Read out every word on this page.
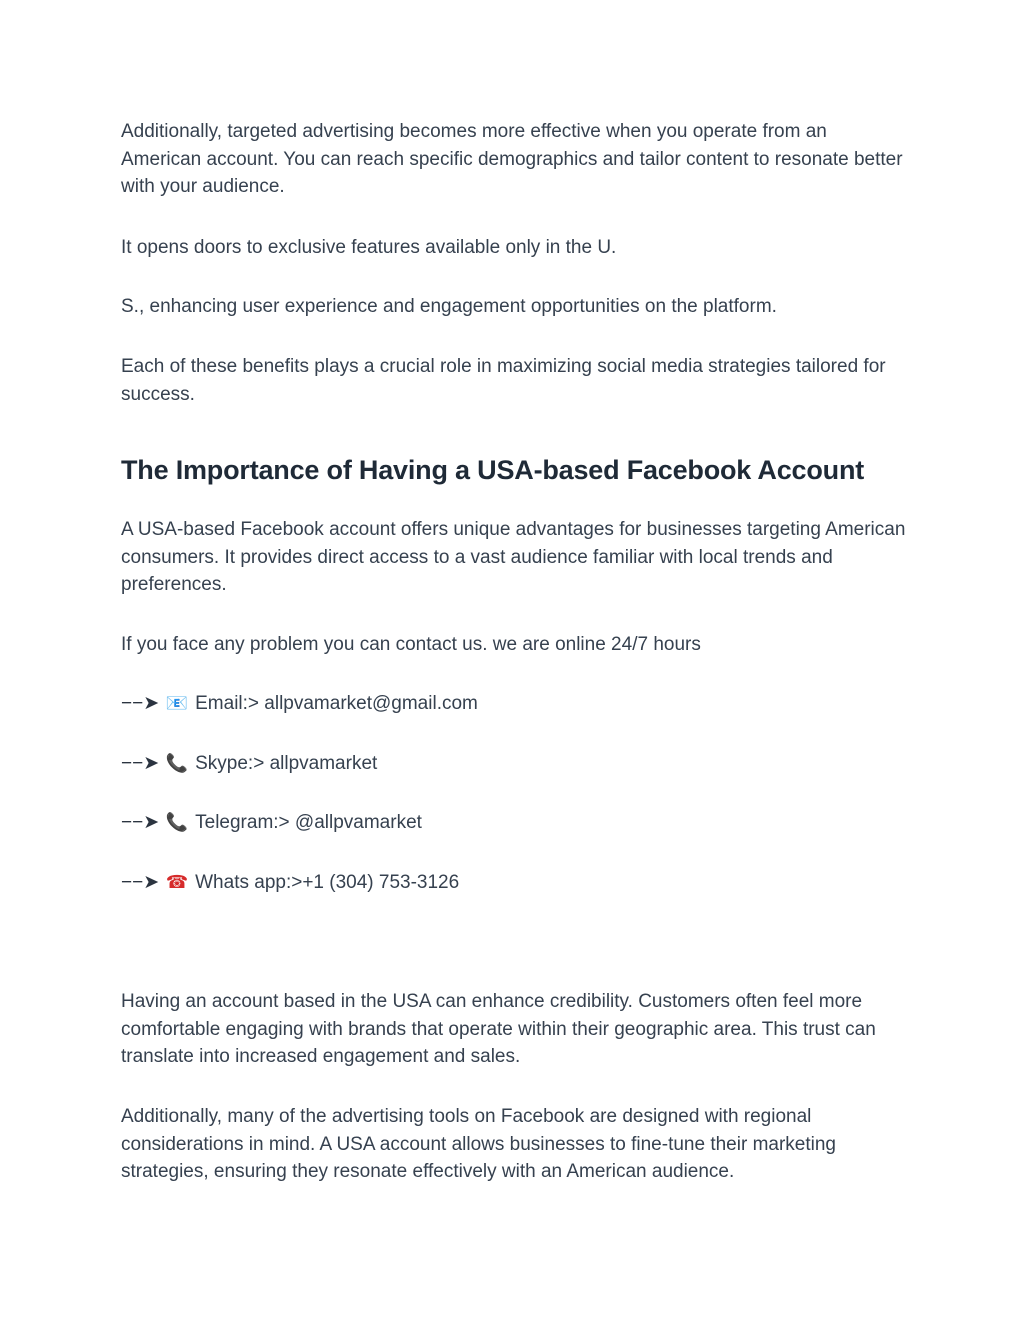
Additionally, targeted advertising becomes more effective when you operate from an American account. You can reach specific demographics and tailor content to resonate better with your audience.

It opens doors to exclusive features available only in the U.

S., enhancing user experience and engagement opportunities on the platform.

Each of these benefits plays a crucial role in maximizing social media strategies tailored for success.

The Importance of Having a USA-based Facebook Account

A USA-based Facebook account offers unique advantages for businesses targeting American consumers. It provides direct access to a vast audience familiar with local trends and preferences.

If you face any problem you can contact us. we are online 24/7 hours

−−➤ 📧 Email:> allpvamarket@gmail.com
−−➤ 📞 Skype:> allpvamarket
−−➤ 📞 Telegram:> @allpvamarket
−−➤ ☎ Whats app:>+1 (304) 753-3126

Having an account based in the USA can enhance credibility. Customers often feel more comfortable engaging with brands that operate within their geographic area. This trust can translate into increased engagement and sales.

Additionally, many of the advertising tools on Facebook are designed with regional considerations in mind. A USA account allows businesses to fine-tune their marketing strategies, ensuring they resonate effectively with an American audience.
